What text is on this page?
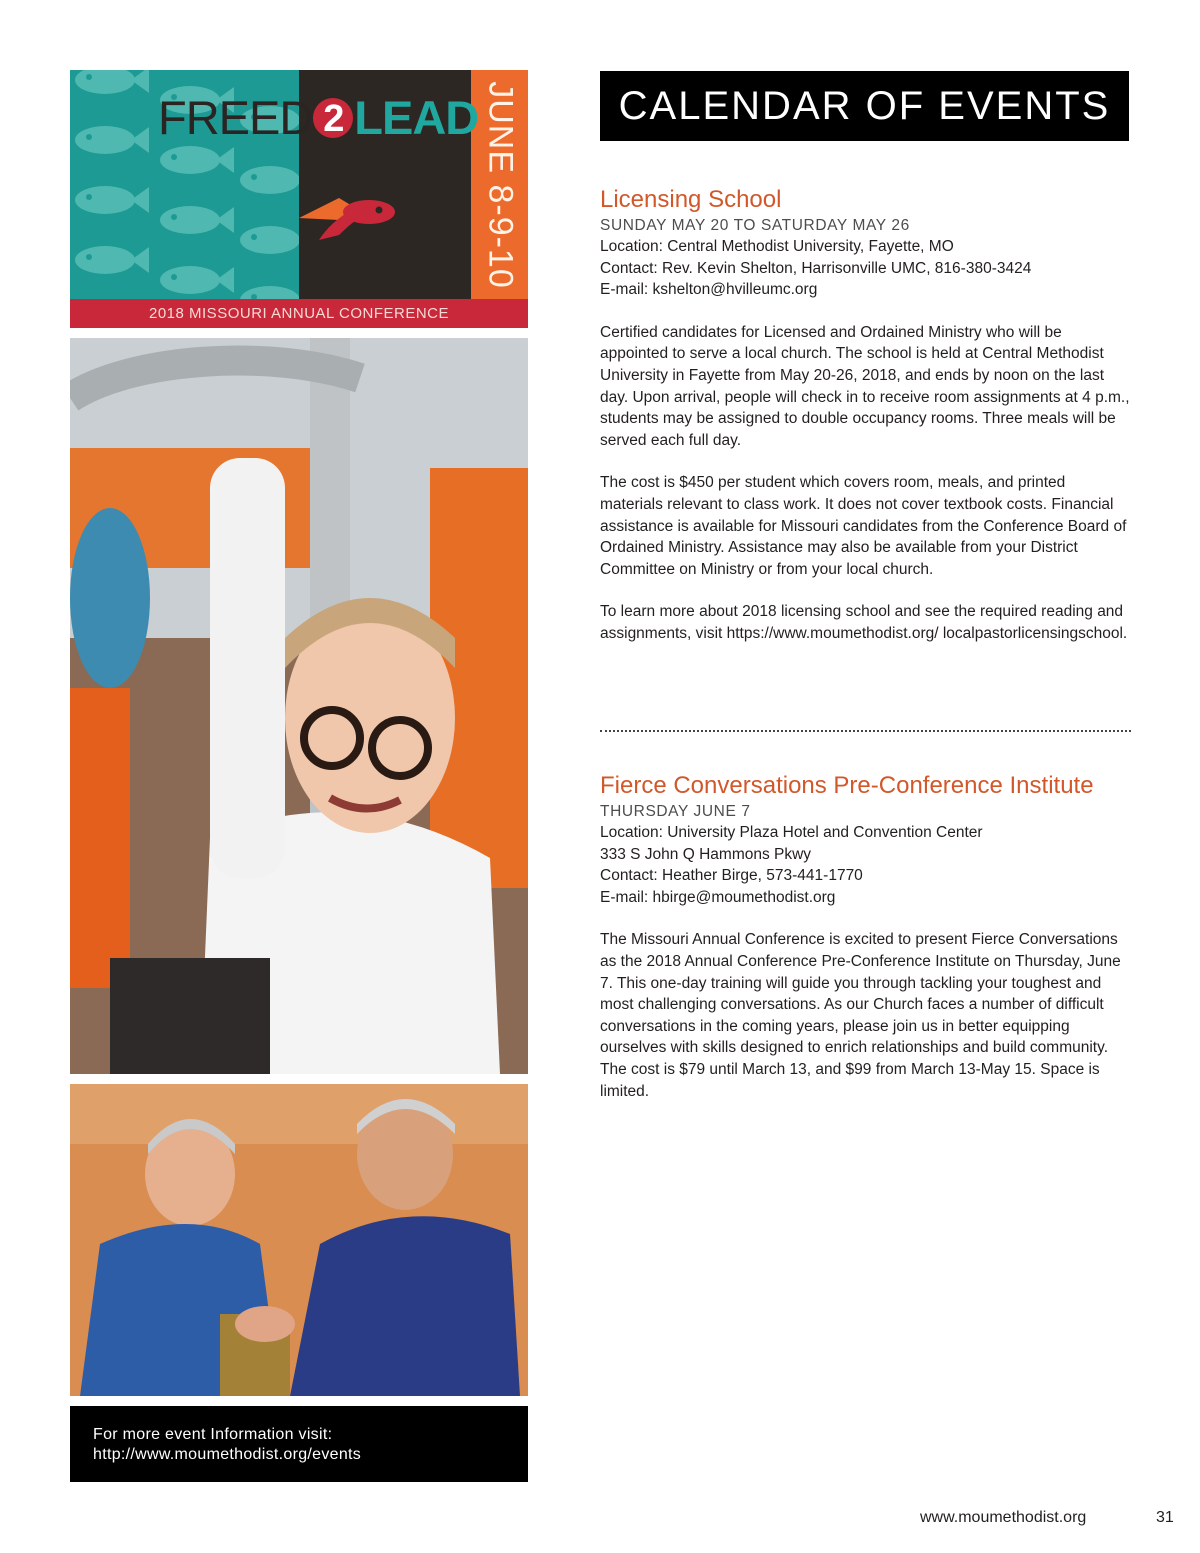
FREED 2 LEAD JUNE 8-9-10
2018 MISSOURI ANNUAL CONFERENCE
For more event Information visit:
http://www.moumethodist.org/events
CALENDAR OF EVENTS
Licensing School
SUNDAY MAY 20 TO SATURDAY MAY 26
Location: Central Methodist University, Fayette, MO
Contact: Rev. Kevin Shelton, Harrisonville UMC, 816-380-3424
E-mail: kshelton@hvilleumc.org

Certified candidates for Licensed and Ordained Ministry who will be appointed to serve a local church. The school is held at Central Methodist University in Fayette from May 20-26, 2018, and ends by noon on the last day. Upon arrival, people will check in to receive room assignments at 4 p.m., students may be assigned to double occupancy rooms. Three meals will be served each full day.

The cost is $450 per student which covers room, meals, and printed materials relevant to class work. It does not cover textbook costs. Financial assistance is available for Missouri candidates from the Conference Board of Ordained Ministry. Assistance may also be available from your District Committee on Ministry or from your local church.

To learn more about 2018 licensing school and see the required reading and assignments, visit https://www.moumethodist.org/ localpastorlicensingschool.

Fierce Conversations Pre-Conference Institute
THURSDAY JUNE 7
Location: University Plaza Hotel and Convention Center
333 S John Q Hammons Pkwy
Contact: Heather Birge, 573-441-1770
E-mail: hbirge@moumethodist.org

The Missouri Annual Conference is excited to present Fierce Conversations as the 2018 Annual Conference Pre-Conference Institute on Thursday, June 7. This one-day training will guide you through tackling your toughest and most challenging conversations. As our Church faces a number of difficult conversations in the coming years, please join us in better equipping ourselves with skills designed to enrich relationships and build community. The cost is $79 until March 13, and $99 from March 13-May 15. Space is limited.

www.moumethodist.org	31
